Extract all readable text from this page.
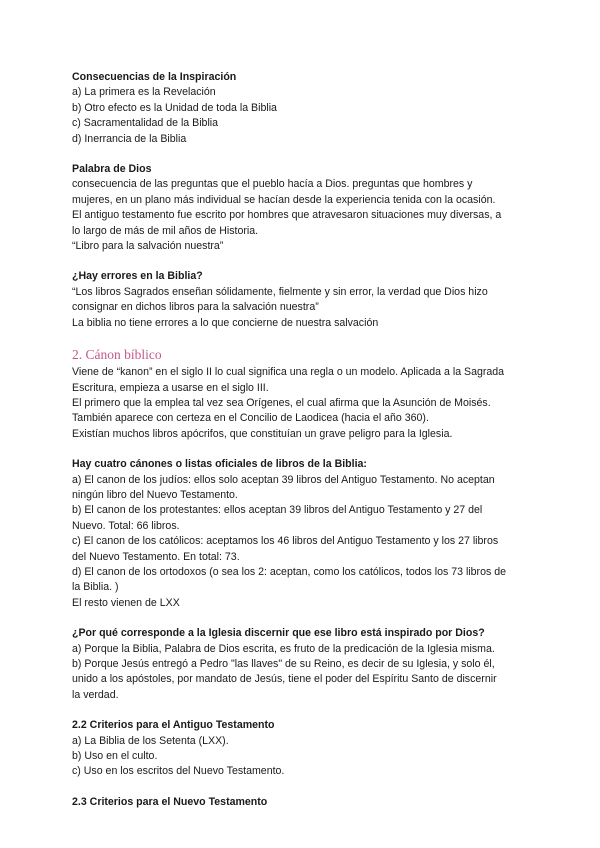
Consecuencias de la Inspiración
a) La primera es la Revelación
b) Otro efecto es la Unidad de toda la Biblia
c) Sacramentalidad de la Biblia
d) Inerrancia de la Biblia
Palabra de Dios
consecuencia de las preguntas que el pueblo hacía a Dios. preguntas que hombres y
mujeres, en un plano más individual se hacían desde la experiencia tenida con la ocasión.
El antiguo testamento fue escrito por hombres que atravesaron situaciones muy diversas, a
lo largo de más de mil años de Historia.
“Libro para la salvación nuestra”
¿Hay errores en la Biblia?
“Los libros Sagrados enseñan sólidamente, fielmente y sin error, la verdad que Dios hizo
consignar en dichos libros para la salvación nuestra”
La biblia no tiene errores a lo que concierne de nuestra salvación
2. Cánon bíblico
Viene de “kanon” en el siglo II lo cual significa una regla o un modelo. Aplicada a la Sagrada
Escritura, empieza a usarse en el siglo III.
El primero que la emplea tal vez sea Orígenes, el cual afirma que la Asunción de Moisés.
También aparece con certeza en el Concilio de Laodicea (hacia el año 360).
Existían muchos libros apócrifos, que constituían un grave peligro para la Iglesia.
Hay cuatro cánones o listas oficiales de libros de la Biblia:
a) El canon de los judíos: ellos solo aceptan 39 libros del Antiguo Testamento. No aceptan
ningún libro del Nuevo Testamento.
b) El canon de los protestantes: ellos aceptan 39 libros del Antiguo Testamento y 27 del
Nuevo. Total: 66 libros.
c) El canon de los católicos: aceptamos los 46 libros del Antiguo Testamento y los 27 libros
del Nuevo Testamento. En total: 73.
d) El canon de los ortodoxos (o sea los 2: aceptan, como los católicos, todos los 73 libros de
la Biblia. )
El resto vienen de LXX
¿Por qué corresponde a la Iglesia discernir que ese libro está inspirado por Dios?
a) Porque la Biblia, Palabra de Dios escrita, es fruto de la predicación de la Iglesia misma.
b) Porque Jesús entregó a Pedro "las llaves" de su Reino, es decir de su Iglesia, y solo él,
unido a los apóstoles, por mandato de Jesús, tiene el poder del Espíritu Santo de discernir
la verdad.
2.2 Criterios para el Antiguo Testamento
a) La Biblia de los Setenta (LXX).
b) Uso en el culto.
c) Uso en los escritos del Nuevo Testamento.
2.3 Criterios para el Nuevo Testamento
